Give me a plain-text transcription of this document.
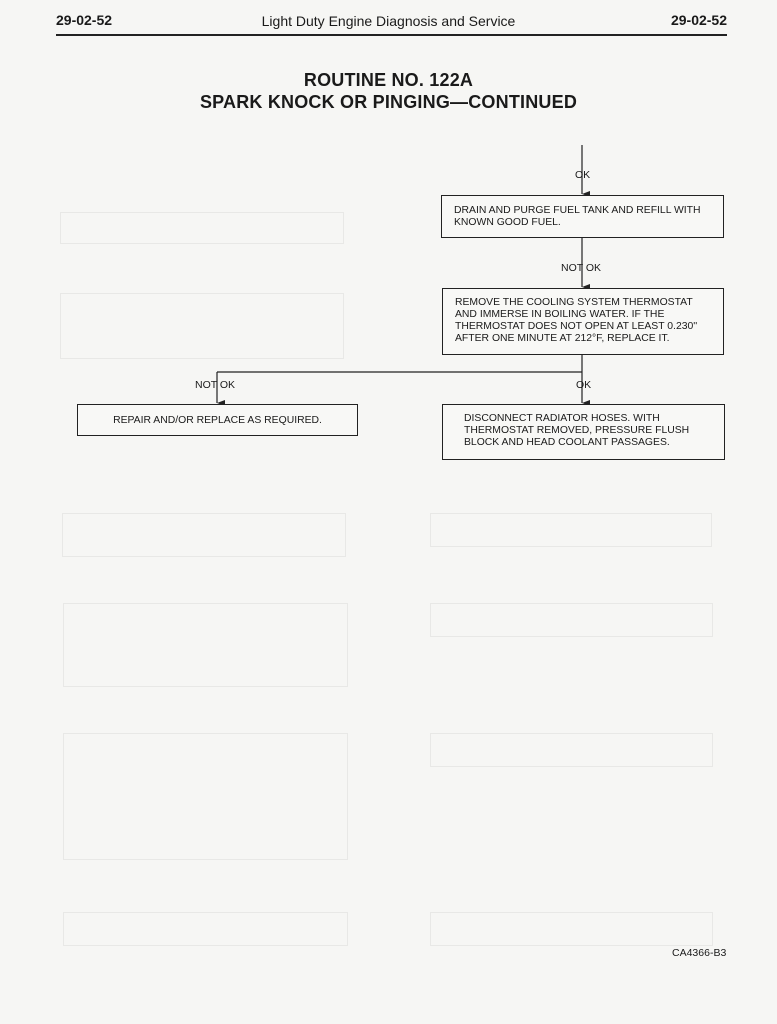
29-02-52	Light Duty Engine Diagnosis and Service	29-02-52
ROUTINE NO. 122A
SPARK KNOCK OR PINGING—CONTINUED
OK
NOT OK
NOT OK	OK
DRAIN AND PURGE FUEL TANK AND REFILL WITH KNOWN GOOD FUEL.
REMOVE THE COOLING SYSTEM THERMOSTAT AND IMMERSE IN BOILING WATER. IF THE THERMOSTAT DOES NOT OPEN AT LEAST 0.230'' AFTER ONE MINUTE AT 212°F, REPLACE IT.
REPAIR AND/OR REPLACE AS REQUIRED.	DISCONNECT RADIATOR HOSES. WITH THERMOSTAT REMOVED, PRESSURE FLUSH BLOCK AND HEAD COOLANT PASSAGES.
CA4366-B3
